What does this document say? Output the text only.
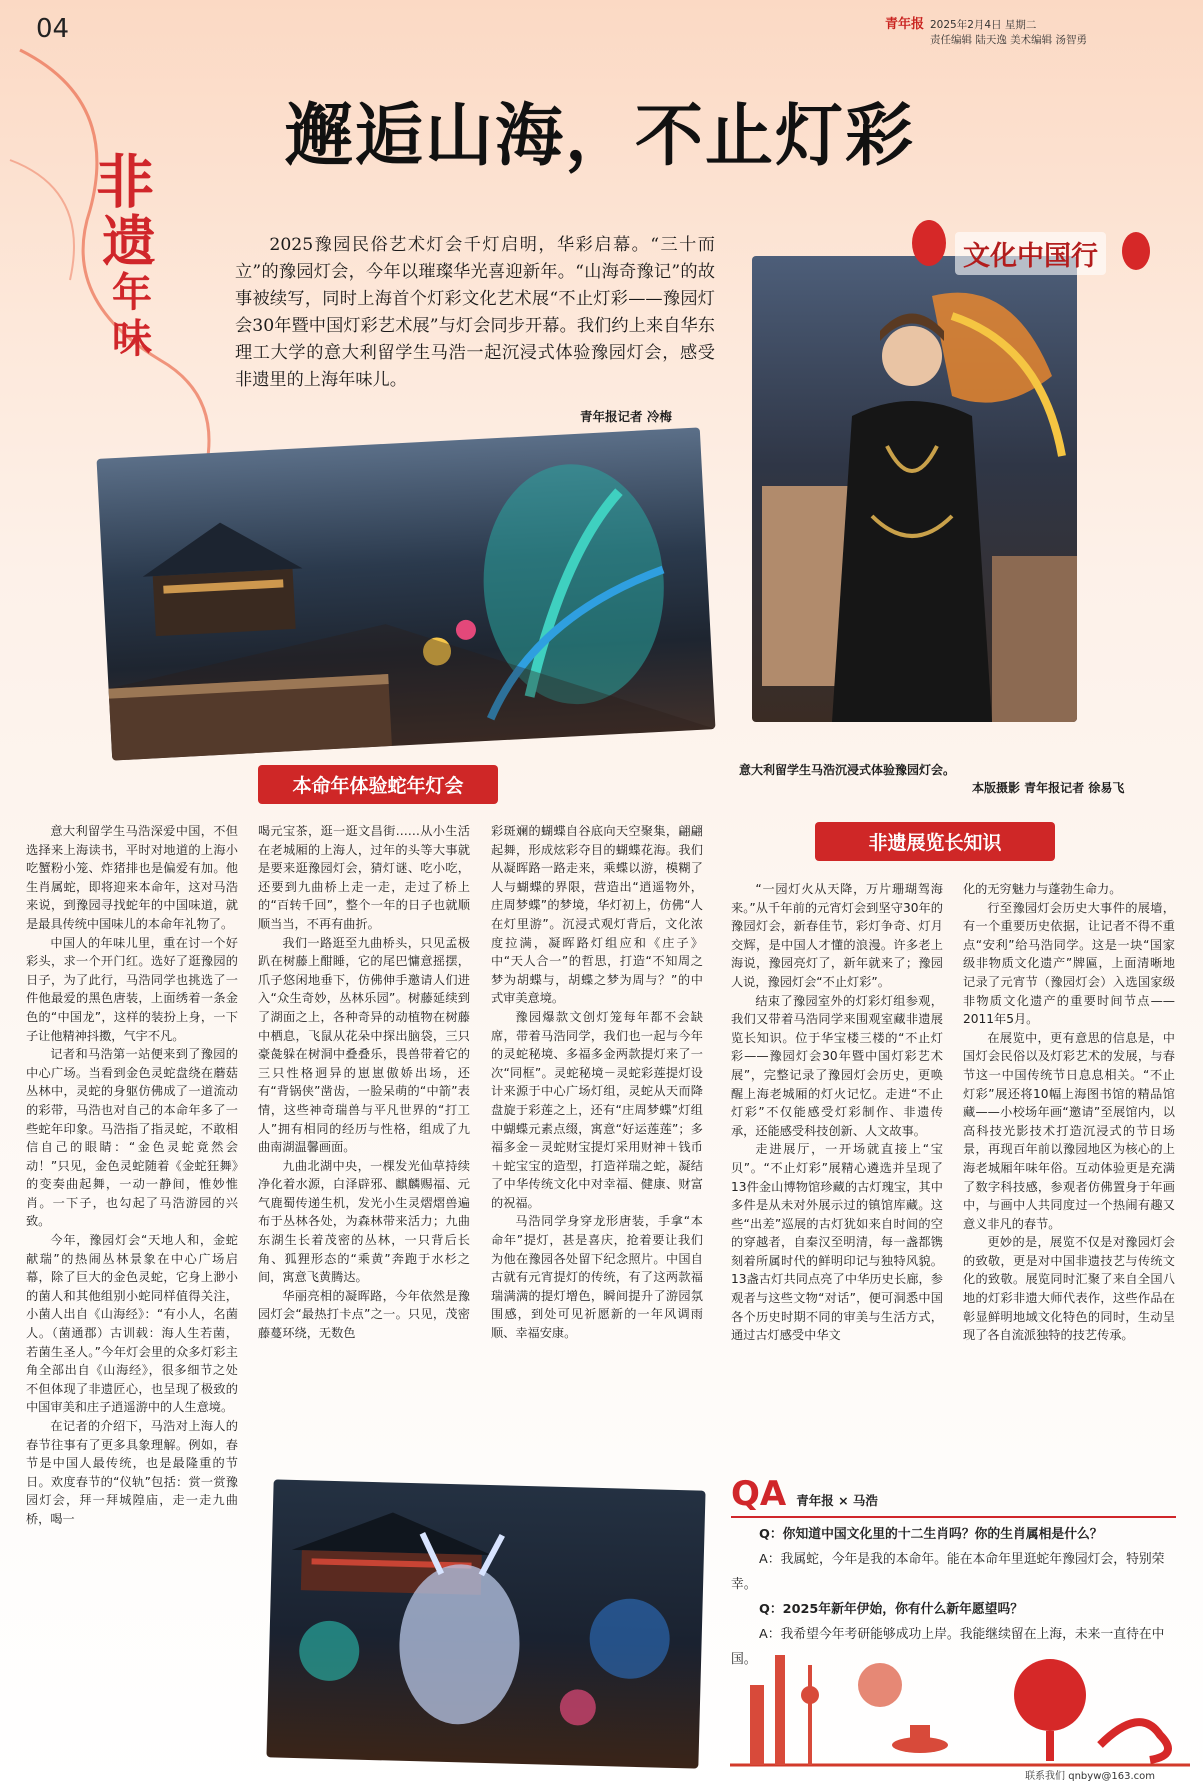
04	青年报 2025年2月4日 星期二
责任编辑 陆天逸 美术编辑 汤智勇
邂逅山海，不止灯彩
非
遗
年
味
2025豫园民俗艺术灯会千灯启明，华彩启幕。“三十而立”的豫园灯会，今年以璀璨华光喜迎新年。“山海奇豫记”的故事被续写，同时上海首个灯彩文化艺术展“不止灯彩——豫园灯会30年暨中国灯彩艺术展”与灯会同步开幕。我们约上来自华东理工大学的意大利留学生马浩一起沉浸式体验豫园灯会，感受非遗里的上海年味儿。
青年报记者 冷梅
文化中国行
意大利留学生马浩沉浸式体验豫园灯会。
本版摄影 青年报记者 徐易飞
本命年体验蛇年灯会
非遗展览长知识

意大利留学生马浩深爱中国，不但选择来上海读书，平时对地道的上海小吃蟹粉小笼、炸猪排也是偏爱有加。他生肖属蛇，即将迎来本命年，这对马浩来说，到豫园寻找蛇年的中国味道，就是最具传统中国味儿的本命年礼物了。

中国人的年味儿里，重在讨一个好彩头，求一个开门红。选好了逛豫园的日子，为了此行，马浩同学也挑选了一件他最爱的黑色唐装，上面绣着一条金色的“中国龙”，这样的装扮上身，一下子让他精神抖擞，气宇不凡。

记者和马浩第一站便来到了豫园的中心广场。当看到金色灵蛇盘绕在蘑菇丛林中，灵蛇的身躯仿佛成了一道流动的彩带，马浩也对自己的本命年多了一些蛇年印象。马浩指了指灵蛇，不敢相信自己的眼睛：“金色灵蛇竟然会动！”只见，金色灵蛇随着《金蛇狂舞》的变奏曲起舞，一动一静间，惟妙惟肖。一下子，也勾起了马浩游园的兴致。

今年，豫园灯会“天地人和，金蛇献瑞”的热闹丛林景象在中心广场启幕，除了巨大的金色灵蛇，它身上渺小的菌人和其他组别小蛇同样值得关注，小菌人出自《山海经》：“有小人，名菌人。（菌通郡）古训载：海人生若菌，若菌生圣人。”今年灯会里的众多灯彩主角全部出自《山海经》，很多细节之处不但体现了非遗匠心，也呈现了极致的中国审美和庄子逍遥游中的人生意境。

在记者的介绍下，马浩对上海人的春节往事有了更多具象理解。例如，春节是中国人最传统，也是最隆重的节日。欢度春节的“仪轨”包括：赏一赏豫园灯会，拜一拜城隍庙，走一走九曲桥，喝一

喝元宝茶，逛一逛文昌街……从小生活在老城厢的上海人，过年的头等大事就是要来逛豫园灯会，猜灯谜、吃小吃，还要到九曲桥上走一走，走过了桥上的“百转千回”，整个一年的日子也就顺顺当当，不再有曲折。

我们一路逛至九曲桥头，只见孟极趴在树藤上酣睡，它的尾巴慵意摇摆，爪子悠闲地垂下，仿佛伸手邀请人们进入“众生奇妙，丛林乐园”。树藤延续到了湖面之上，各种奇异的动植物在树藤中栖息，飞鼠从花朵中探出脑袋，三只豪彘躲在树洞中叠叠乐，畏兽带着它的三只性格迥异的崽崽傲娇出场，还有“背锅侠”凿齿，一脸呆萌的“中箭”表情，这些神奇瑞兽与平凡世界的“打工人”拥有相同的经历与性格，组成了九曲南湖温馨画面。

九曲北湖中央，一棵发光仙草持续净化着水源，白泽辟邪、麒麟赐福、元气鹿蜀传递生机，发光小生灵熠熠兽遍布于丛林各处，为森林带来活力；九曲东湖生长着茂密的丛林，一只背后长角、狐狸形态的“乘黄”奔跑于水杉之间，寓意飞黄腾达。

华丽亮相的凝晖路，今年依然是豫园灯会“最热打卡点”之一。只见，茂密藤蔓环绕，无数色

彩斑斓的蝴蝶自谷底向天空聚集，翩翩起舞，形成炫彩夺目的蝴蝶花海。我们从凝晖路一路走来，乘蝶以游，模糊了人与蝴蝶的界限，营造出“逍遥物外，庄周梦蝶”的梦境，华灯初上，仿佛“人在灯里游”。沉浸式观灯背后，文化浓度拉满，凝晖路灯组应和《庄子》中“天人合一”的哲思，打造“不知周之梦为胡蝶与，胡蝶之梦为周与？”的中式审美意境。

豫园爆款文创灯笼每年都不会缺席，带着马浩同学，我们也一起与今年的灵蛇秘境、多福多金两款提灯来了一次“同框”。灵蛇秘境－灵蛇彩莲提灯设计来源于中心广场灯组，灵蛇从天而降盘旋于彩莲之上，还有“庄周梦蝶”灯组中蝴蝶元素点缀，寓意“好运莲莲”；多福多金－灵蛇财宝提灯采用财神＋钱币＋蛇宝宝的造型，打造祥瑞之蛇，凝结了中华传统文化中对幸福、健康、财富的祝福。

马浩同学身穿龙形唐装，手拿“本命年”提灯，甚是喜庆，抢着要让我们为他在豫园各处留下纪念照片。中国自古就有元宵提灯的传统，有了这两款福瑞满满的提灯增色，瞬间提升了游园氛围感，到处可见祈愿新的一年风调雨顺、幸福安康。

“一园灯火从天降，万片珊瑚驾海来。”从千年前的元宵灯会到坚守30年的豫园灯会，新春佳节，彩灯争奇、灯月交辉，是中国人才懂的浪漫。许多老上海说，豫园亮灯了，新年就来了；豫园人说，豫园灯会“不止灯彩”。

结束了豫园室外的灯彩灯组参观，我们又带着马浩同学来围观室藏非遗展览长知识。位于华宝楼三楼的“不止灯彩——豫园灯会30年暨中国灯彩艺术展”，完整记录了豫园灯会历史，更唤醒上海老城厢的灯火记忆。走进“不止灯彩”不仅能感受灯彩制作、非遗传承，还能感受科技创新、人文故事。

走进展厅，一开场就直接上“宝贝”。“不止灯彩”展精心遴选并呈现了13件金山博物馆珍藏的古灯瑰宝，其中多件是从未对外展示过的镇馆库藏。这些“出差”巡展的古灯犹如来自时间的空的穿越者，自秦汉至明清，每一盏都镌刻着所属时代的鲜明印记与独特风貌。13盏古灯共同点亮了中华历史长廊，参观者与这些文物“对话”，便可洞悉中国各个历史时期不同的审美与生活方式，通过古灯感受中华文

化的无穷魅力与蓬勃生命力。

行至豫园灯会历史大事件的展墙，有一个重要历史依据，让记者不得不重点“安利”给马浩同学。这是一块“国家级非物质文化遗产”牌匾，上面清晰地记录了元宵节（豫园灯会）入选国家级非物质文化遗产的重要时间节点——2011年5月。

在展览中，更有意思的信息是，中国灯会民俗以及灯彩艺术的发展，与春节这一中国传统节日息息相关。“不止灯彩”展还将10幅上海图书馆的精品馆藏——小校场年画“邀请”至展馆内，以高科技光影技术打造沉浸式的节日场景，再现百年前以豫园地区为核心的上海老城厢年味年俗。互动体验更是充满了数字科技感，参观者仿佛置身于年画中，与画中人共同度过一个热闹有趣又意义非凡的春节。

更妙的是，展览不仅是对豫园灯会的致敬，更是对中国非遗技艺与传统文化的致敬。展览同时汇聚了来自全国八地的灯彩非遗大师代表作，这些作品在彰显鲜明地域文化特色的同时，生动呈现了各自流派独特的技艺传承。

QA 青年报 × 马浩
Q：你知道中国文化里的十二生肖吗？你的生肖属相是什么？
A：我属蛇，今年是我的本命年。能在本命年里逛蛇年豫园灯会，特别荣幸。
Q：2025年新年伊始，你有什么新年愿望吗？
A：我希望今年考研能够成功上岸。我能继续留在上海，未来一直待在中国。
联系我们 qnbyw@163.com
